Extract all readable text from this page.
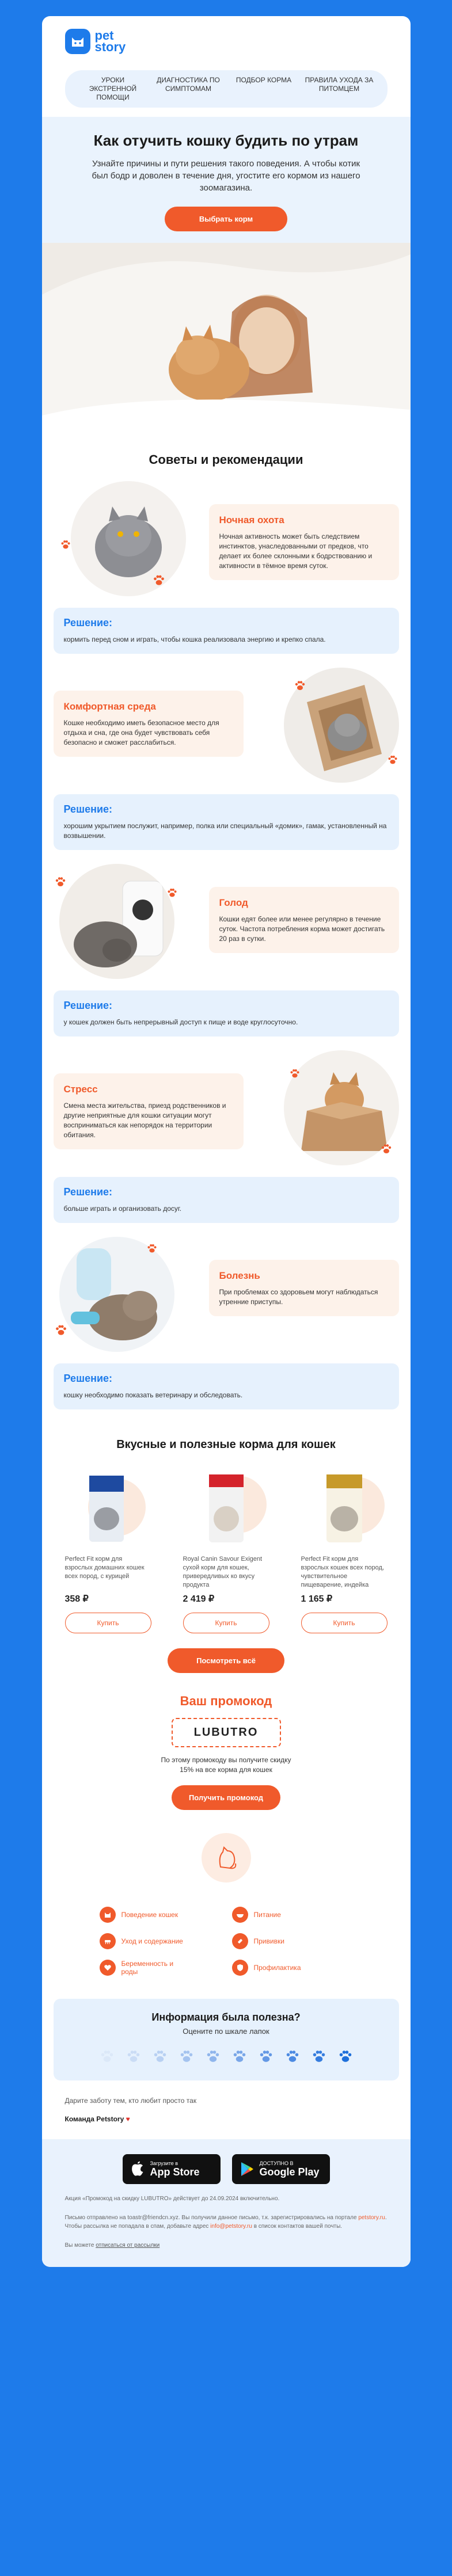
pet
story
УРОКИ ЭКСТРЕННОЙ ПОМОЩИ
ДИАГНОСТИКА ПО СИМПТОМАМ
ПОДБОР КОРМА	ПРАВИЛА УХОДА ЗА ПИТОМЦЕМ
Как отучить кошку будить по утрам

Узнайте причины и пути решения такого поведения. А чтобы котик был бодр и доволен в течение дня, угостите его кормом из нашего зоомагазина.

Выбрать корм
Советы и рекомендации
Ночная охота

Ночная активность может быть следствием инстинктов, унаследованными от предков, что делает их более склонными к бодрствованию и активности в тёмное время суток.

Решение:

кормить перед сном и играть, чтобы кошка реализовала энергию и крепко спала.

Комфортная среда

Кошке необходимо иметь безопасное место для отдыха и сна, где она будет чувствовать себя безопасно и сможет расслабиться.

Решение:

хорошим укрытием послужит, например, полка или специальный «домик», гамак, установленный на возвышении.

Голод

Кошки едят более или менее регулярно в течение суток. Частота потребления корма может достигать 20 раз в сутки.

Решение:

у кошек должен быть непрерывный доступ к пище и воде круглосуточно.

Стресс

Смена места жительства, приезд родственников и другие неприятные для кошки ситуации могут восприниматься как непорядок на территории обитания.

Решение:

больше играть и организовать досуг.

Болезнь

При проблемах со здоровьем могут наблюдаться утренние приступы.

Решение:

кошку необходимо показать ветеринару и обследовать.

Вкусные и полезные корма для кошек
Perfect Fit корм для взрослых домашних кошек всех пород, с курицей
358 ₽
Купить
Royal Canin Savour Exigent сухой корм для кошек, привередливых ко вкусу продукта
2 419 ₽
Купить
Perfect Fit корм для взрослых кошек всех пород, чувствительное пищеварение, индейка
1 165 ₽
Купить
Посмотреть всё
Ваш промокод
LUBUTRO
По этому промокоду вы получите скидку 15% на все корма для кошек
Получить промокод
Поведение кошек	Питание
Уход и содержание	Прививки
Беременность и роды	Профилактика
Информация была полезна?

Оцените по шкале лапок

Дарите заботу тем, кто любит просто так
Команда Petstory ♥
Загрузите в
App Store
ДОСТУПНО В
Google Play
Акция «Промокод на скидку LUBUTRO» действует до 24.09.2024 включительно.
Письмо отправлено на toastr@friendcn.xyz. Вы получили данное письмо, т.к. зарегистрировались на портале petstory.ru. Чтобы рассылка не попадала в спам, добавьте адрес info@petstory.ru в список контактов вашей почты.
Вы можете отписаться от рассылки
